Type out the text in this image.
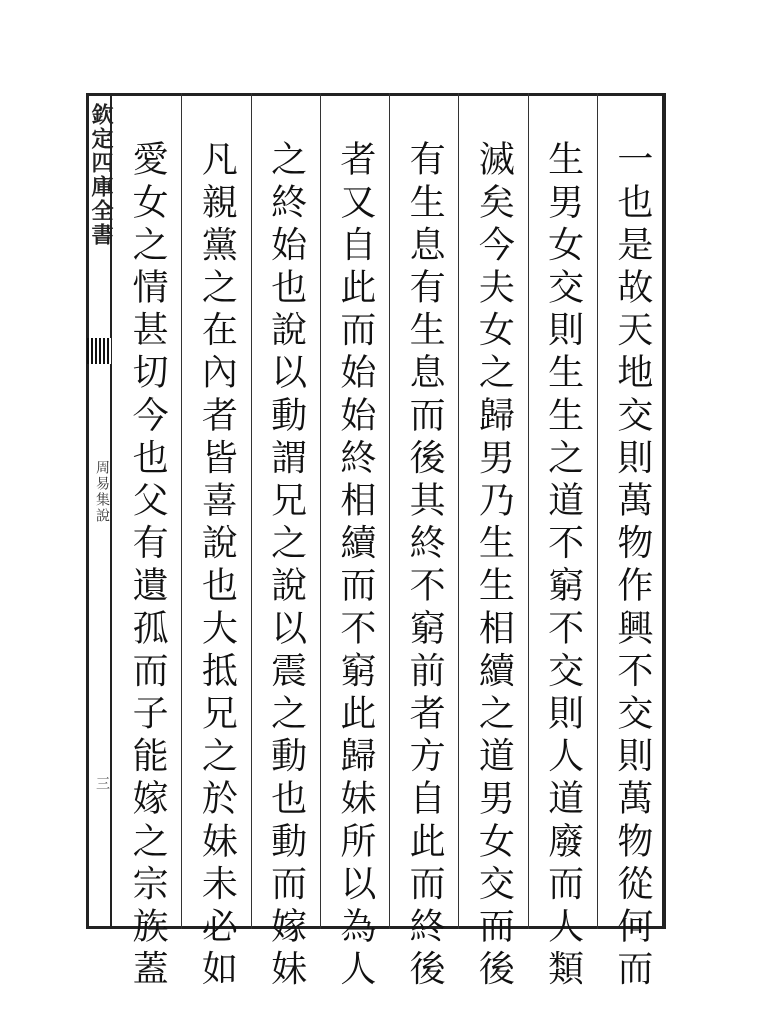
欽定四庫全書
周易集說
三	一也是故天地交則萬物作興不交則萬物從何而
生男女交則生生之道不窮不交則人道廢而人類
滅矣今夫女之歸男乃生生相續之道男女交而後
有生息有生息而後其終不窮前者方自此而終後
者又自此而始始終相續而不窮此歸妹所以為人
之終始也說以動謂兄之說以震之動也動而嫁妹
凡親黨之在內者皆喜說也大抵兄之於妹未必如
愛女之情甚切今也父有遺孤而子能嫁之宗族蓋
